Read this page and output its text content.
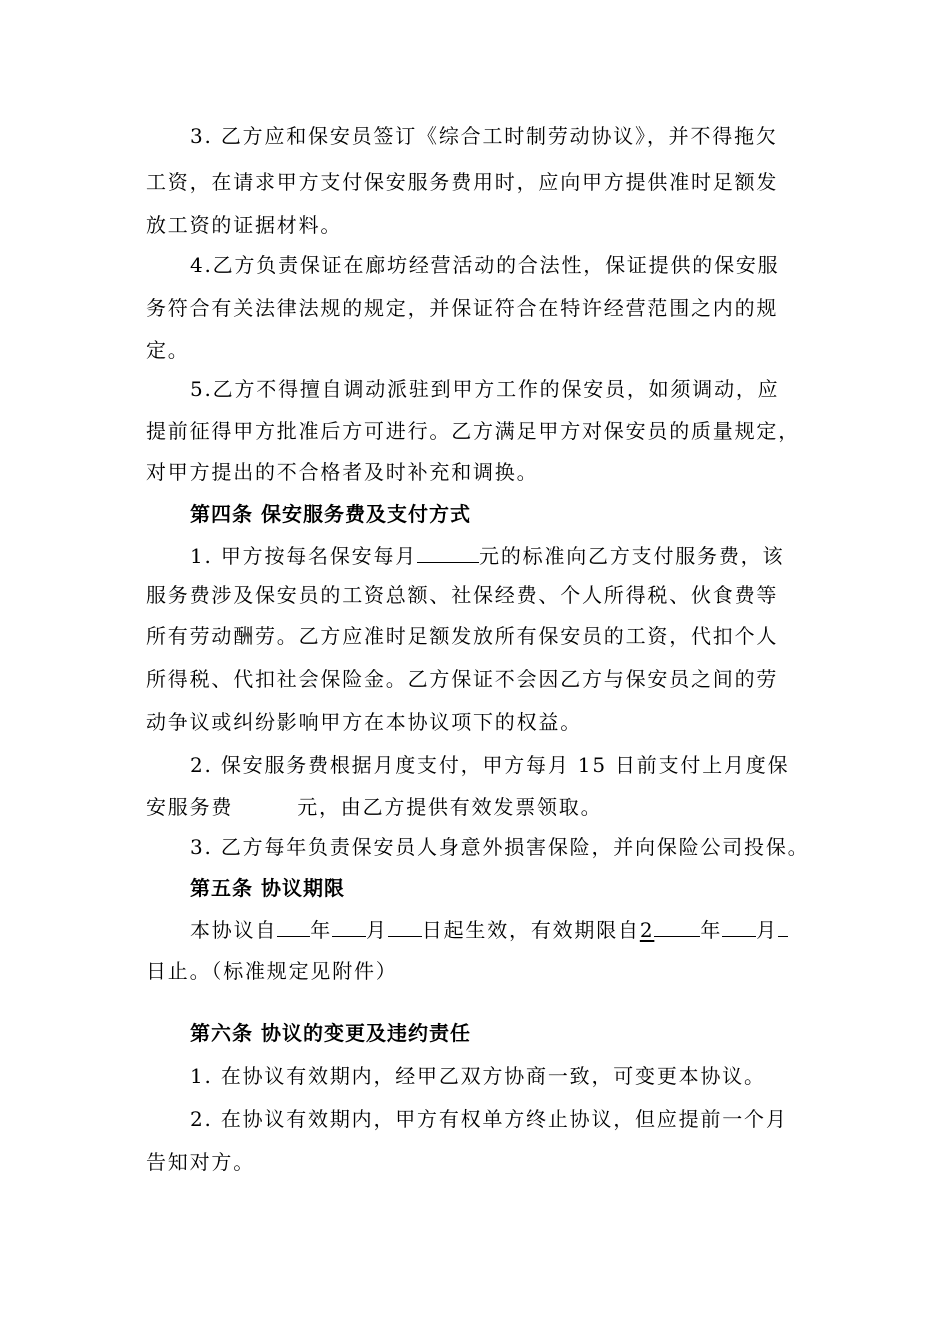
3. 乙方应和保安员签订《综合工时制劳动协议》，并不得拖欠
工资，在请求甲方支付保安服务费用时，应向甲方提供准时足额发
放工资的证据材料。
4.乙方负责保证在廊坊经营活动的合法性，保证提供的保安服
务符合有关法律法规的规定，并保证符合在特许经营范围之内的规
定。
5.乙方不得擅自调动派驻到甲方工作的保安员，如须调动，应
提前征得甲方批准后方可进行。乙方满足甲方对保安员的质量规定，
对甲方提出的不合格者及时补充和调换。
第四条 保安服务费及支付方式
1. 甲方按每名保安每月	元的标准向乙方支付服务费，该
服务费涉及保安员的工资总额、社保经费、个人所得税、伙食费等
所有劳动酬劳。乙方应准时足额发放所有保安员的工资，代扣个人
所得税、代扣社会保险金。乙方保证不会因乙方与保安员之间的劳
动争议或纠纷影响甲方在本协议项下的权益。
2. 保安服务费根据月度支付，甲方每月 15 日前支付上月度保
安服务费	元，由乙方提供有效发票领取。
3. 乙方每年负责保安员人身意外损害保险，并向保险公司投保。
第五条 协议期限
本协议自 年 月 日起生效，有效期限自2 年 月
日止。（标准规定见附件）
第六条 协议的变更及违约责任
1. 在协议有效期内，经甲乙双方协商一致，可变更本协议。
2. 在协议有效期内，甲方有权单方终止协议，但应提前一个月
告知对方。
